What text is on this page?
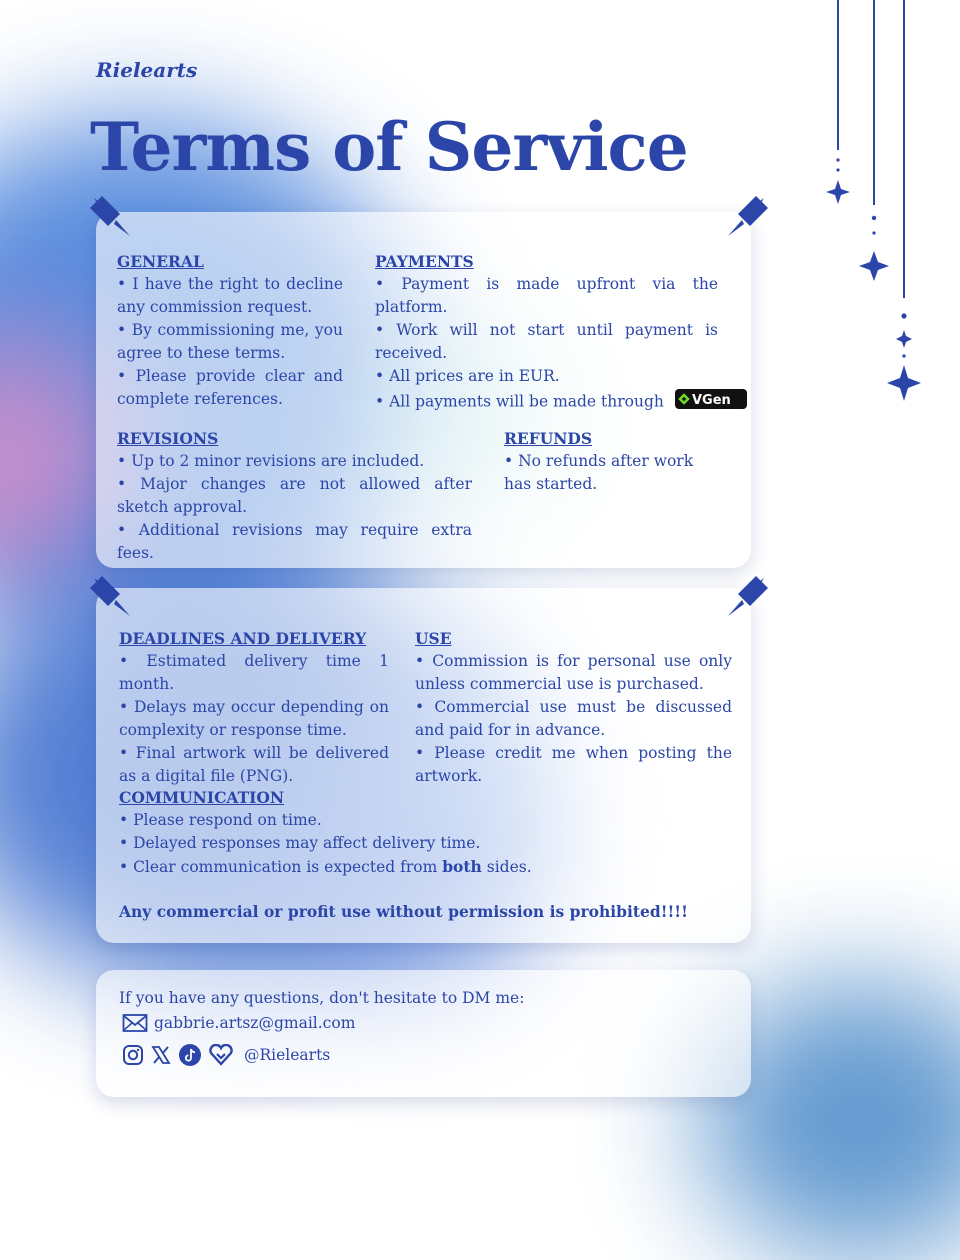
Rielearts
Terms of Service
GENERAL

• I have the right to decline any commission request.

• By commissioning me, you agree to these terms.

• Please provide clear and complete references.

PAYMENTS

• Payment is made upfront via the platform.

• Work will not start until payment is received.

• All prices are in EUR.

• All payments will be made through VGen

REVISIONS

• Up to 2 minor revisions are included.

• Major changes are not allowed after sketch approval.

• Additional revisions may require extra fees.

REFUNDS

• No refunds after work has started.

DEADLINES AND DELIVERY

• Estimated delivery time 1 month.

• Delays may occur depending on complexity or response time.

• Final artwork will be delivered as a digital file (PNG).

USE

• Commission is for personal use only unless commercial use is purchased.

• Commercial use must be discussed and paid for in advance.

• Please credit me when posting the artwork.

COMMUNICATION

• Please respond on time.

• Delayed responses may affect delivery time.

• Clear communication is expected from both sides.

Any commercial or profit use without permission is prohibited!!!!
If you have any questions, don't hesitate to DM me:
gabbrie.artsz@gmail.com
@Rielearts
